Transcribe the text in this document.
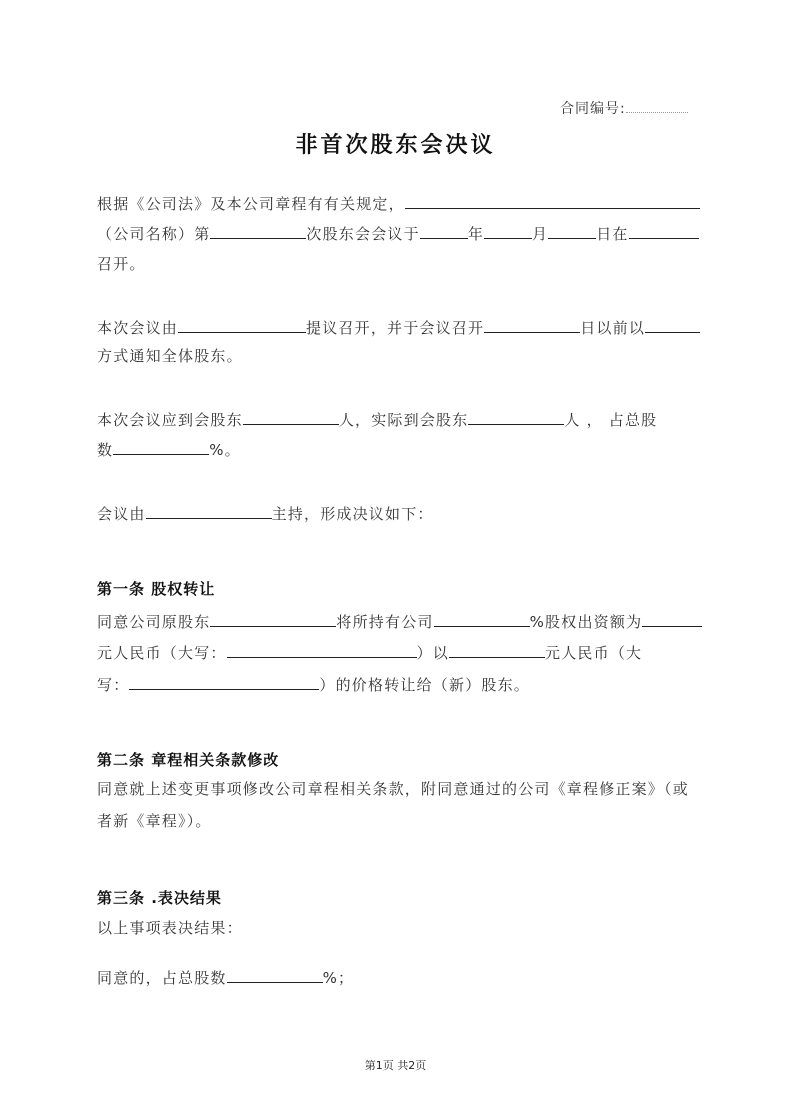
合同编号:
非首次股东会决议
根据《公司法》及本公司章程有有关规定，
（公司名称）第	次股东会会议于	年	月	日在
召开。
本次会议由	提议召开，并于会议召开	日以前以
方式通知全体股东。
本次会议应到会股东	人，实际到会股东	人 ， 占总股
数	%。
会议由	主持，形成决议如下：
第一条 股权转让
同意公司原股东	将所持有公司	%股权出资额为
元人民币（大写：	）以	元人民币（大
写：	）的价格转让给（新）股东。
第二条 章程相关条款修改
同意就上述变更事项修改公司章程相关条款，附同意通过的公司《章程修正案》（或
者新《章程》）。
第三条 .表决结果
以上事项表决结果：
同意的，占总股数	%；
第1页 共2页
